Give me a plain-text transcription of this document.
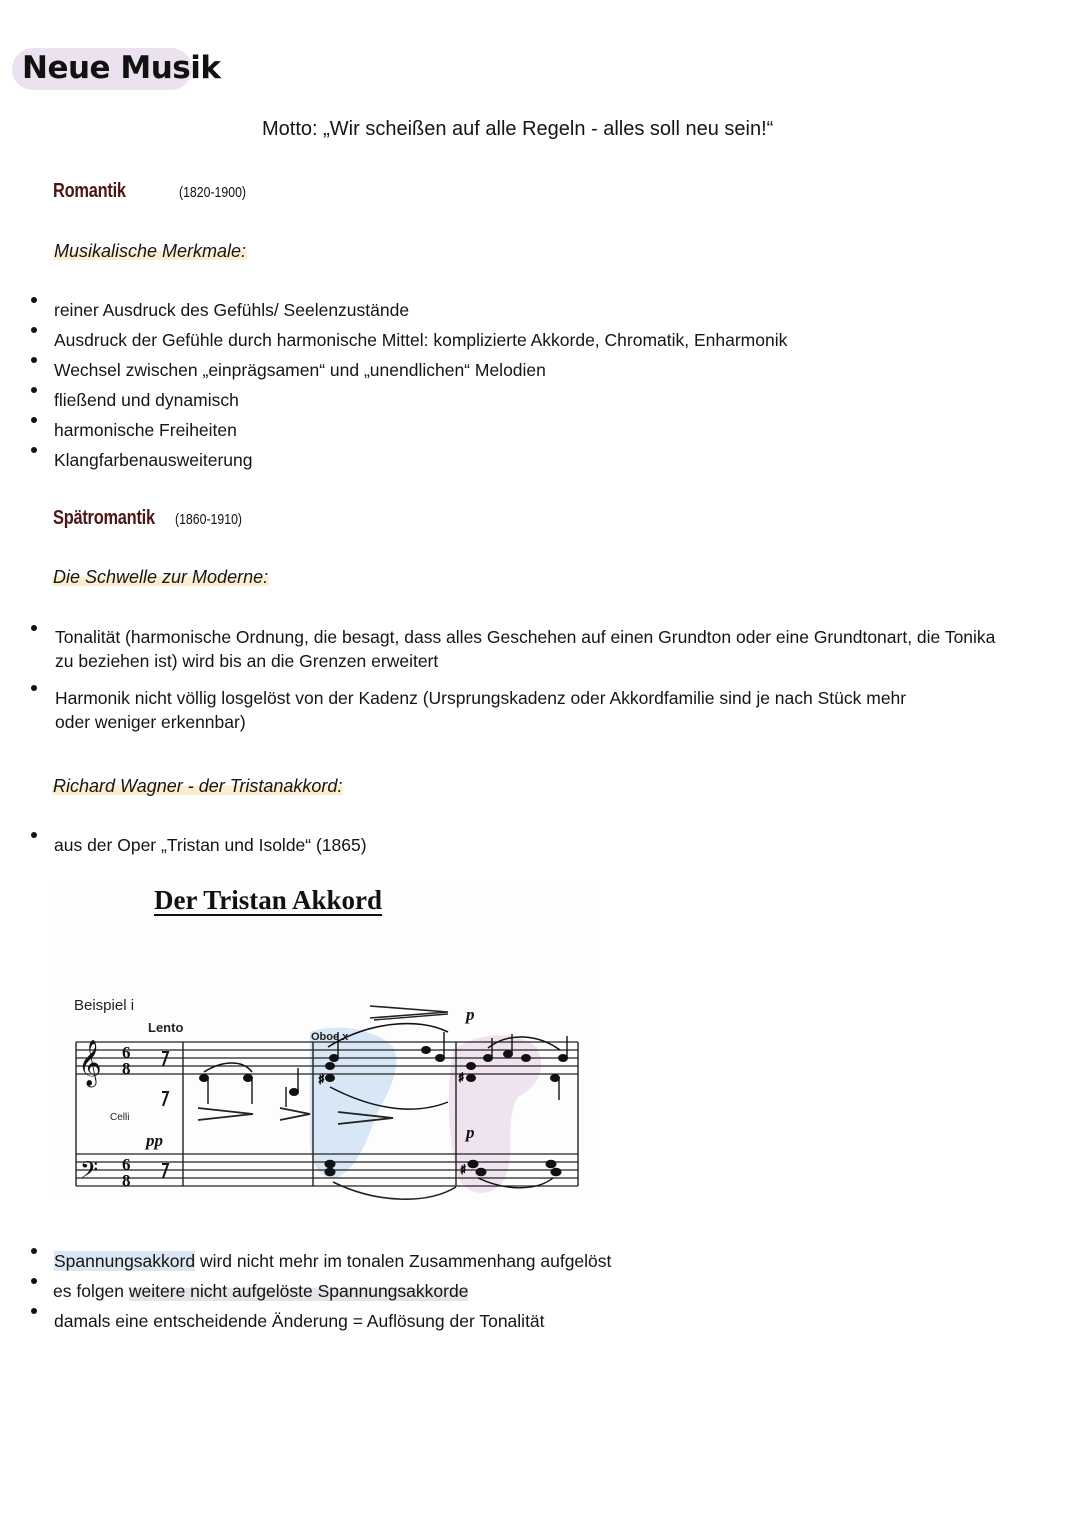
Neue Musik
Motto: „Wir scheißen auf alle Regeln - alles soll neu sein!“
Romantik	(1820-1900)
Musikalische Merkmale:
reiner Ausdruck des Gefühls/ Seelenzustände
Ausdruck der Gefühle durch harmonische Mittel: komplizierte Akkorde, Chromatik, Enharmonik
Wechsel zwischen „einprägsamen“ und „unendlichen“ Melodien
fließend und dynamisch
harmonische Freiheiten
Klangfarbenausweiterung
Spätromantik (1860-1910)
Die Schwelle zur Moderne:
Tonalität (harmonische Ordnung, die besagt, dass alles Geschehen auf einen Grundton oder eine Grundtonart, die Tonika
zu beziehen ist) wird bis an die Grenzen erweitert
Harmonik nicht völlig losgelöst von der Kadenz (Ursprungskadenz oder Akkordfamilie sind je nach Stück mehr
oder weniger erkennbar)
Richard Wagner - der Tristanakkord:
aus der Oper „Tristan und Isolde“ (1865)
Der Tristan Akkord
𝄞
𝄢
6
8
6
8
Beispiel i
Lento
Oboe x
Celli
pp
p
p
♯	♯
♯
Spannungsakkord wird nicht mehr im tonalen Zusammenhang aufgelöst
es folgen weitere nicht aufgelöste Spannungsakkorde
damals eine entscheidende Änderung = Auflösung der Tonalität
